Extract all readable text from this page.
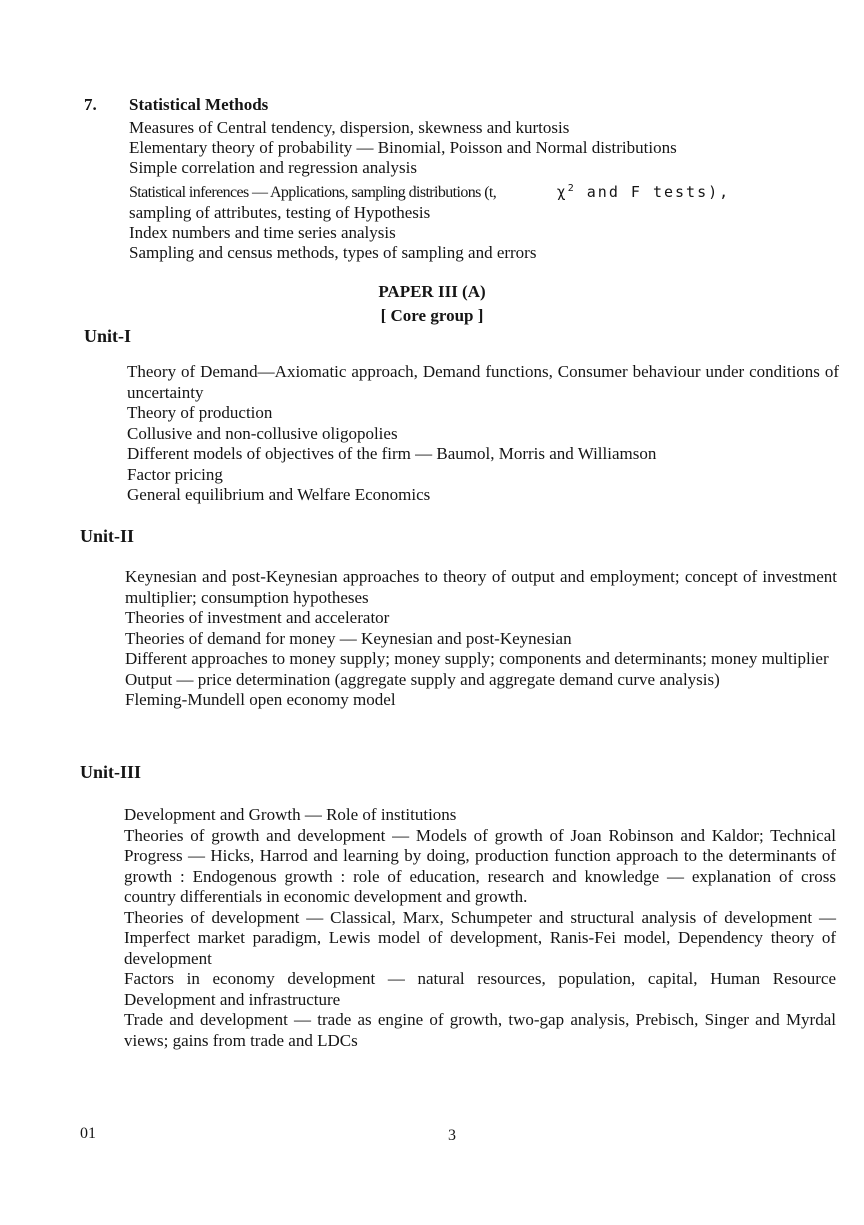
7. Statistical Methods
Measures of Central tendency, dispersion, skewness and kurtosis
Elementary theory of probability — Binomial, Poisson and Normal distributions
Simple correlation and regression analysis
Statistical inferences — Applications, sampling distributions (t,	$\chi^2$ and F tests),
sampling of attributes, testing of Hypothesis
Index numbers and time series analysis
Sampling and census methods, types of sampling and errors
PAPER III (A)
[ Core group ]
Unit-I
Theory of Demand—Axiomatic approach, Demand functions, Consumer behaviour under conditions of uncertainty
Theory of production
Collusive and non-collusive oligopolies
Different models of objectives of the firm — Baumol, Morris and Williamson
Factor pricing
General equilibrium and Welfare Economics
Unit-II
Keynesian and post-Keynesian approaches to theory of output and employment; concept of investment multiplier; consumption hypotheses
Theories of investment and accelerator
Theories of demand for money — Keynesian and post-Keynesian
Different approaches to money supply; money supply; components and determinants; money multiplier
Output — price determination (aggregate supply and aggregate demand curve analysis)
Fleming-Mundell open economy model
Unit-III
Development and Growth — Role of institutions
Theories of growth and development — Models of growth of Joan Robinson and Kaldor; Technical Progress — Hicks, Harrod and learning by doing, production function approach to the determinants of growth : Endogenous growth : role of education, research and knowledge — explanation of cross country differentials in economic development and growth.
Theories of development — Classical, Marx, Schumpeter and structural analysis of development — Imperfect market paradigm, Lewis model of development, Ranis-Fei model, Dependency theory of development
Factors in economy development — natural resources, population, capital, Human Resource Development and infrastructure
Trade and development — trade as engine of growth, two-gap analysis, Prebisch, Singer and Myrdal views; gains from trade and LDCs
01	3
